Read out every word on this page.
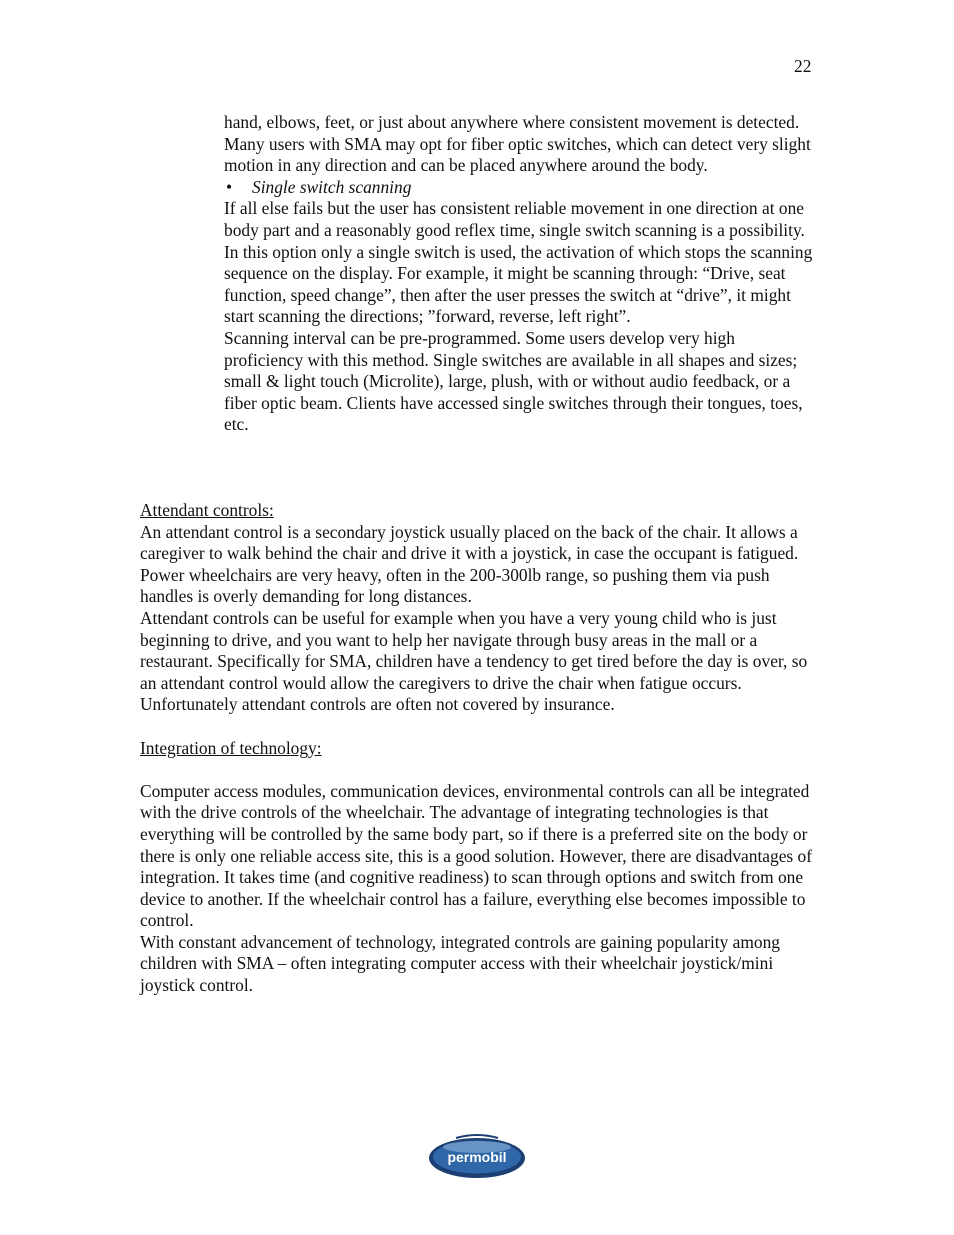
22

hand, elbows, feet, or just about anywhere where consistent movement is detected. Many users with SMA may opt for fiber optic switches, which can detect very slight motion in any direction and can be placed anywhere around the body.

• Single switch scanning

If all else fails but the user has consistent reliable movement in one direction at one body part and a reasonably good reflex time, single switch scanning is a possibility. In this option only a single switch is used, the activation of which stops the scanning sequence on the display. For example, it might be scanning through: “Drive, seat function, speed change”, then after the user presses the switch at “drive”, it might start scanning the directions; ”forward, reverse, left right”.

Scanning interval can be pre-programmed. Some users develop very high proficiency with this method. Single switches are available in all shapes and sizes; small & light touch (Microlite), large, plush, with or without audio feedback, or a fiber optic beam. Clients have accessed single switches through their tongues, toes, etc.

Attendant controls:

An attendant control is a secondary joystick usually placed on the back of the chair. It allows a caregiver to walk behind the chair and drive it with a joystick, in case the occupant is fatigued. Power wheelchairs are very heavy, often in the 200-300lb range, so pushing them via push handles is overly demanding for long distances.

Attendant controls can be useful for example when you have a very young child who is just beginning to drive, and you want to help her navigate through busy areas in the mall or a restaurant. Specifically for SMA, children have a tendency to get tired before the day is over, so an attendant control would allow the caregivers to drive the chair when fatigue occurs. Unfortunately attendant controls are often not covered by insurance.

Integration of technology:

Computer access modules, communication devices, environmental controls can all be integrated with the drive controls of the wheelchair. The advantage of integrating technologies is that everything will be controlled by the same body part, so if there is a preferred site on the body or there is only one reliable access site, this is a good solution. However, there are disadvantages of integration. It takes time (and cognitive readiness) to scan through options and switch from one device to another. If the wheelchair control has a failure, everything else becomes impossible to control.

With constant advancement of technology, integrated controls are gaining popularity among children with SMA – often integrating computer access with their wheelchair joystick/mini joystick control.

permobil
